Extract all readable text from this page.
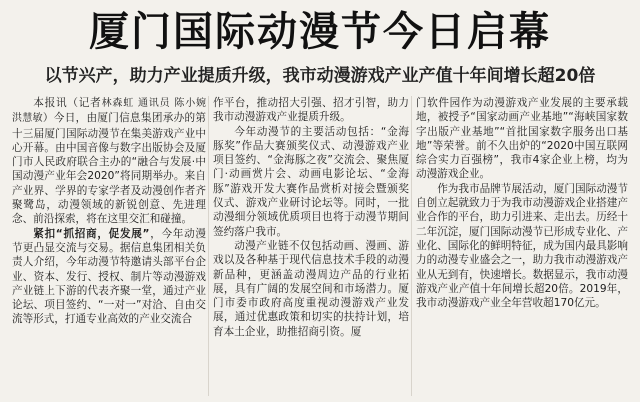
厦门国际动漫节今日启幕
以节兴产，助力产业提质升级，我市动漫游戏产业产值十年间增长超20倍

本报讯（记者林森虹 通讯员 陈小婉 洪慧敏）今日，由厦门信息集团承办的第十三届厦门国际动漫节在集美游戏产业中心开幕。由中国音像与数字出版协会及厦门市人民政府联合主办的“融合与发展·中国动漫产业年会2020”将同期举办。来自产业界、学界的专家学者及动漫创作者齐聚鹭岛，动漫领域的新锐创意、先进理念、前沿探索，将在这里交汇和碰撞。

紧扣“抓招商，促发展”，今年动漫节更凸显交流与交易。据信息集团相关负责人介绍，今年动漫节特邀请头部平台企业、资本、发行、授权、制片等动漫游戏产业链上下游的代表齐聚一堂，通过产业论坛、项目签约、“一对一”对洽、自由交流等形式，打通专业高效的产业交流合

作平台，推动招大引强、招才引智，助力我市动漫游戏产业提质升级。

今年动漫节的主要活动包括：“金海豚奖”作品大赛颁奖仪式、动漫游戏产业项目签约、“金海豚之夜”交流会、聚焦厦门·动画赏片会、动画电影论坛、“金海豚”游戏开发大赛作品赏析对接会暨颁奖仪式、游戏产业研讨论坛等。同时，一批动漫细分领域优质项目也将于动漫节期间签约落户我市。

动漫产业链不仅包括动画、漫画、游戏以及各种基于现代信息技术手段的动漫新品种，更涵盖动漫周边产品的行业拓展，具有广阔的发展空间和市场潜力。厦门市委市政府高度重视动漫游戏产业发展，通过优惠政策和切实的扶持计划，培育本土企业，助推招商引资。厦

门软件园作为动漫游戏产业发展的主要承载地，被授予“国家动画产业基地”“海峡国家数字出版产业基地”“首批国家数字服务出口基地”等荣誉。前不久出炉的“2020中国互联网综合实力百强榜”，我市4家企业上榜，均为动漫游戏企业。

作为我市品牌节展活动，厦门国际动漫节自创立起就致力于为我市动漫游戏企业搭建产业合作的平台，助力引进来、走出去。历经十二年沉淀，厦门国际动漫节已形成专业化、产业化、国际化的鲜明特征，成为国内最具影响力的动漫专业盛会之一，助力我市动漫游戏产业从无到有，快速增长。数据显示，我市动漫游戏产业产值十年间增长超20倍。2019年，我市动漫游戏产业全年营收超170亿元。
